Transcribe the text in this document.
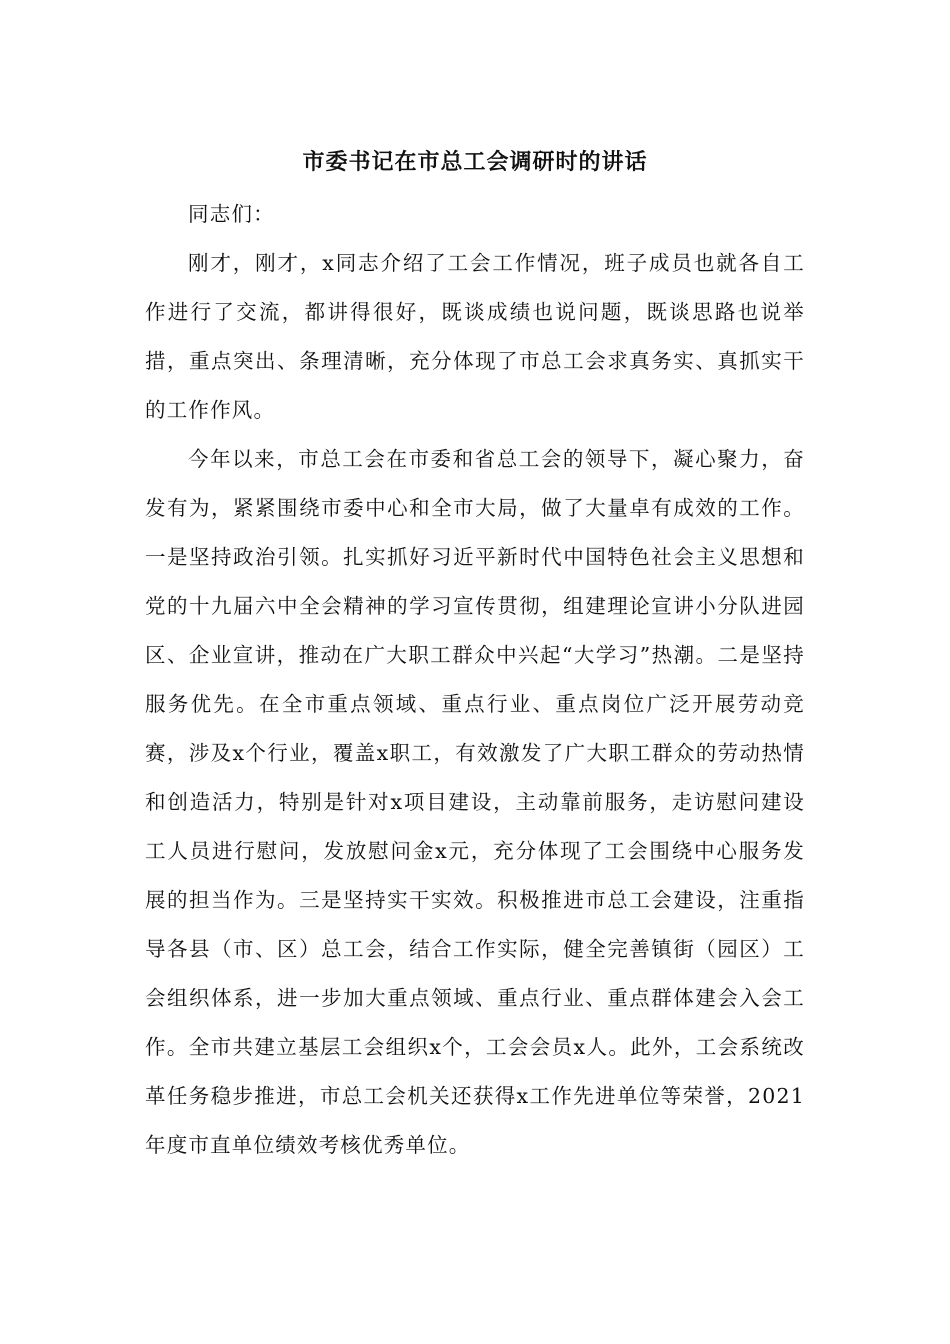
市委书记在市总工会调研时的讲话

同志们：

刚才，刚才，x同志介绍了工会工作情况，班子成员也就各自工作进行了交流，都讲得很好，既谈成绩也说问题，既谈思路也说举措，重点突出、条理清晰，充分体现了市总工会求真务实、真抓实干的工作作风。

今年以来，市总工会在市委和省总工会的领导下，凝心聚力，奋发有为，紧紧围绕市委中心和全市大局，做了大量卓有成效的工作。一是坚持政治引领。扎实抓好习近平新时代中国特色社会主义思想和党的十九届六中全会精神的学习宣传贯彻，组建理论宣讲小分队进园区、企业宣讲，推动在广大职工群众中兴起“大学习”热潮。二是坚持服务优先。在全市重点领域、重点行业、重点岗位广泛开展劳动竞赛，涉及x个行业，覆盖x职工，有效激发了广大职工群众的劳动热情和创造活力，特别是针对x项目建设，主动靠前服务，走访慰问建设工人员进行慰问，发放慰问金x元，充分体现了工会围绕中心服务发展的担当作为。三是坚持实干实效。积极推进市总工会建设，注重指导各县（市、区）总工会，结合工作实际，健全完善镇街（园区）工会组织体系，进一步加大重点领域、重点行业、重点群体建会入会工作。全市共建立基层工会组织x个，工会会员x人。此外，工会系统改革任务稳步推进，市总工会机关还获得x工作先进单位等荣誉，2021年度市直单位绩效考核优秀单位。
